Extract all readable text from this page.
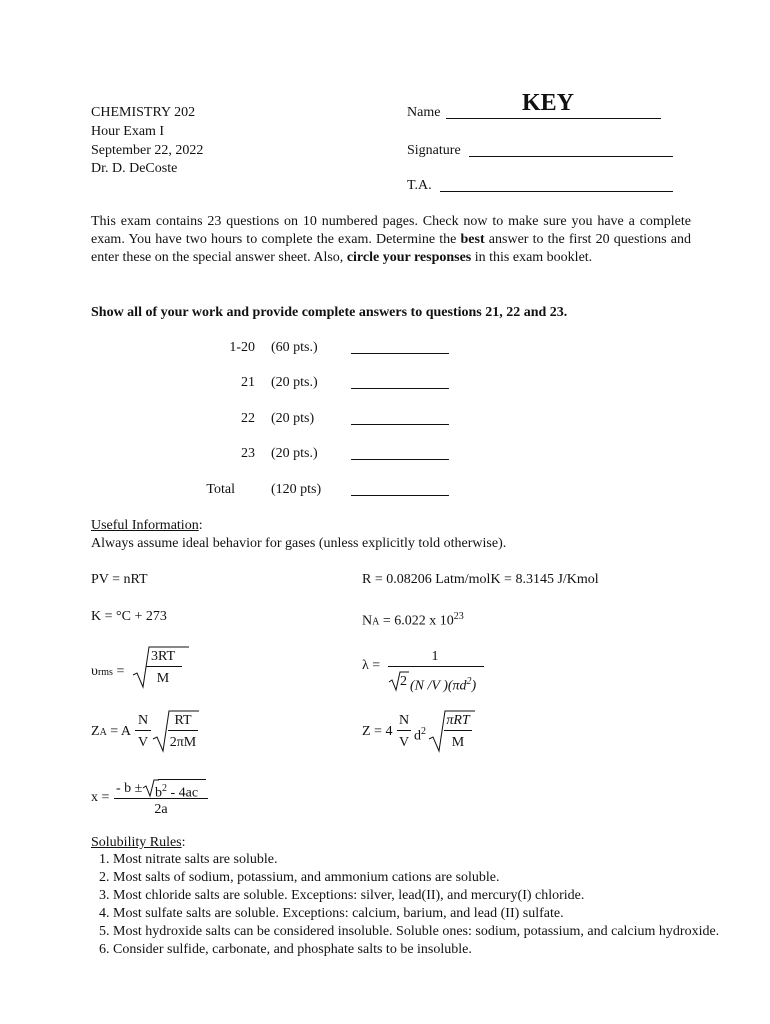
CHEMISTRY 202
Hour Exam I
September 22, 2022
Dr. D. DeCoste
Name	KEY
Signature
T.A.
This exam contains 23 questions on 10 numbered pages. Check now to make sure you have a complete exam. You have two hours to complete the exam. Determine the best answer to the first 20 questions and enter these on the special answer sheet. Also, circle your responses in this exam booklet.
Show all of your work and provide complete answers to questions 21, 22 and 23.
1-20 (60 pts.)
21 (20 pts.)
22 (20 pts)
23 (20 pts.)
Total	(120 pts)
Useful Information:
Always assume ideal behavior for gases (unless explicitly told otherwise).
PV = nRT	R = 0.08206 Latm/molK = 8.3145 J/Kmol
K = °C + 273	NA = 6.022 x $10^{23}$
υrms =
3RT
M
λ =
1
2 (N /V )$(\pi d^2)$
ZA = A
N
V
RT
2πM
Z = 4
N
V $d^2$
πRT
M
x =
- $b \pm b^2 - 4ac$
2a
Solubility Rules:
1. Most nitrate salts are soluble.
2. Most salts of sodium, potassium, and ammonium cations are soluble.
3. Most chloride salts are soluble. Exceptions: silver, lead(II), and mercury(I) chloride.
4. Most sulfate salts are soluble. Exceptions: calcium, barium, and lead (II) sulfate.
5. Most hydroxide salts can be considered insoluble. Soluble ones: sodium, potassium, and calcium hydroxide.
6. Consider sulfide, carbonate, and phosphate salts to be insoluble.
